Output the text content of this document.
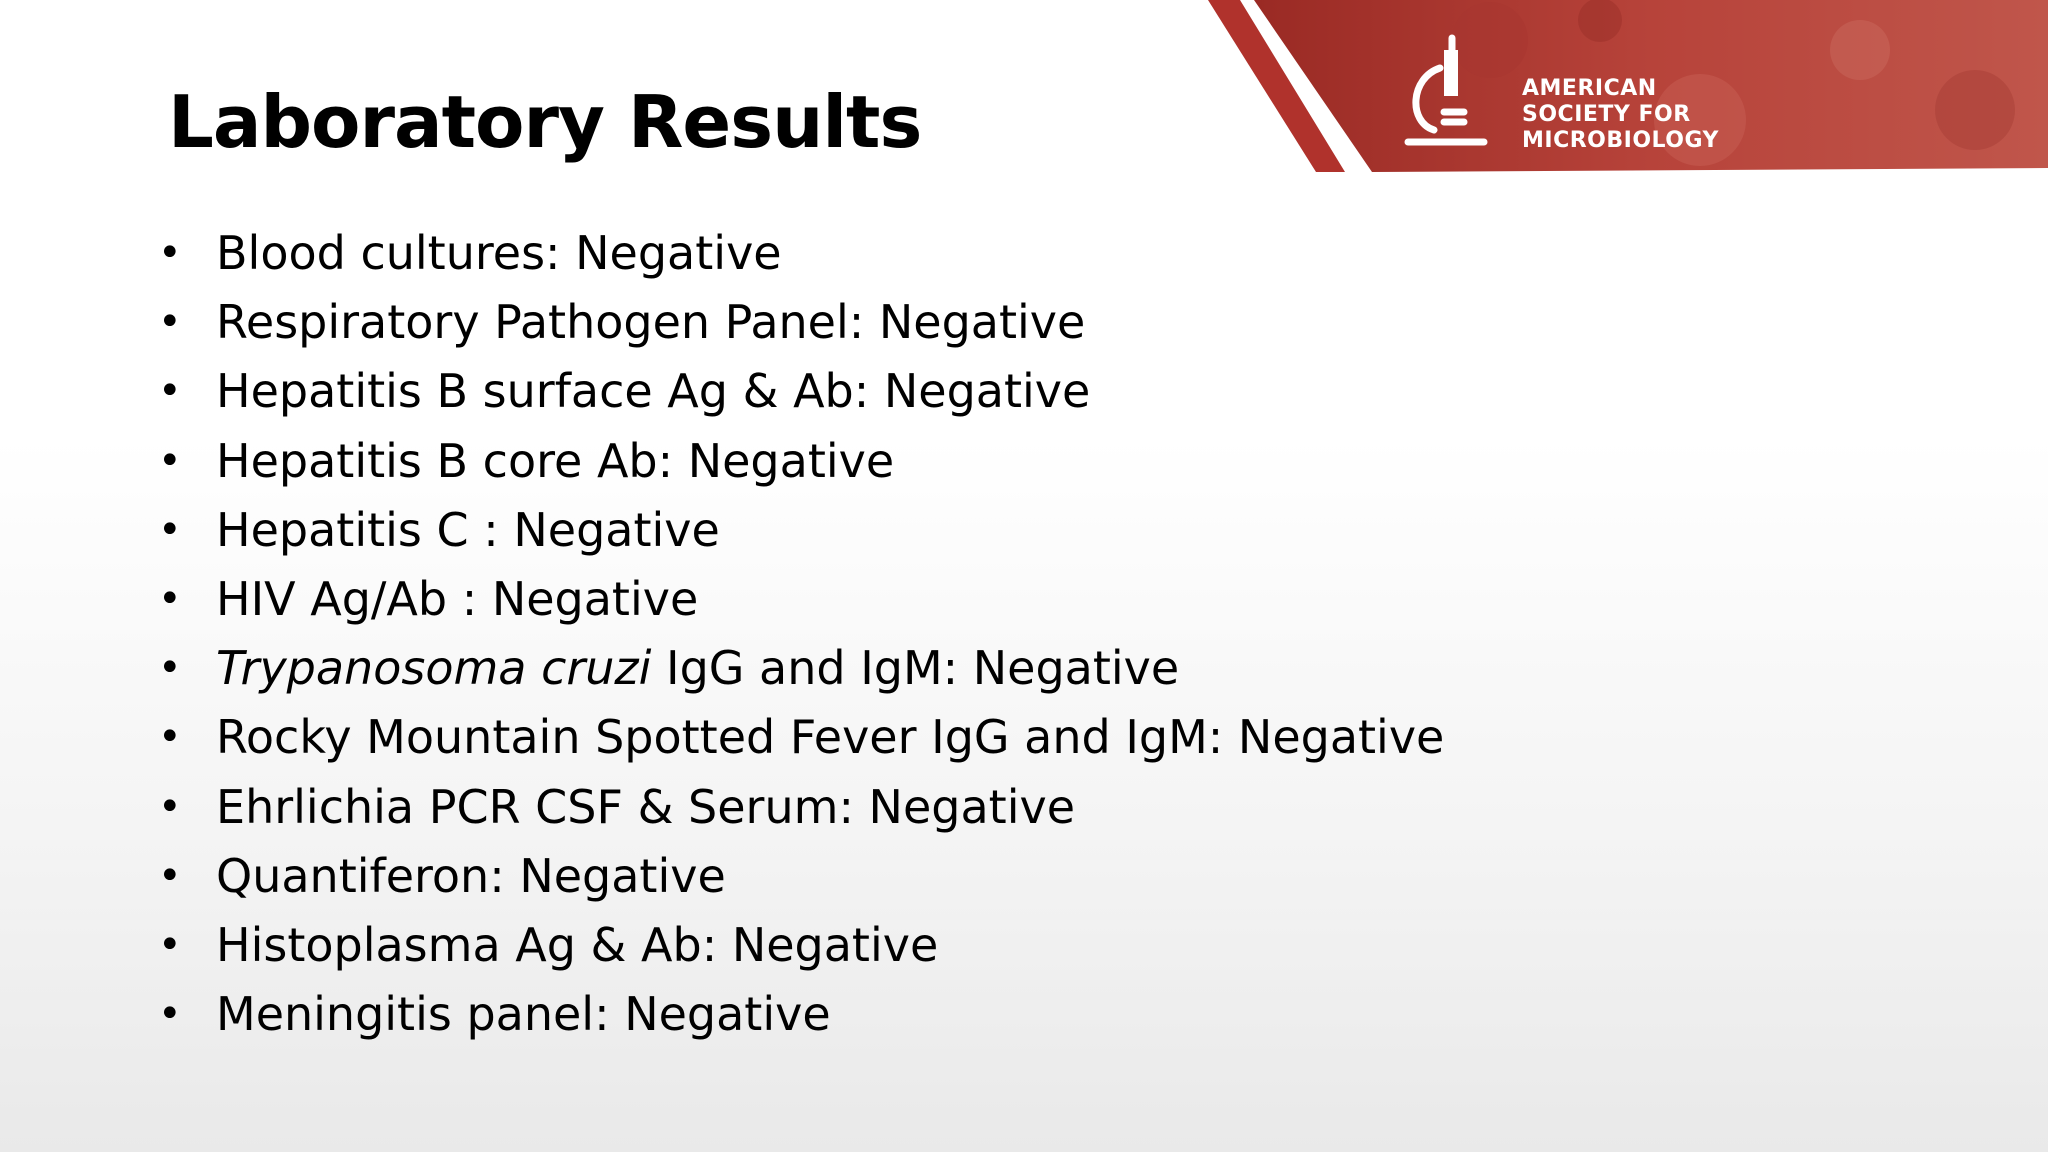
AMERICAN
SOCIETY FOR
MICROBIOLOGY
Laboratory Results
• Blood cultures: Negative
• Respiratory Pathogen Panel: Negative
• Hepatitis B surface Ag & Ab: Negative
• Hepatitis B core Ab: Negative
• Hepatitis C : Negative
• HIV Ag/Ab : Negative
• Trypanosoma cruzi IgG and IgM: Negative
• Rocky Mountain Spotted Fever IgG and IgM: Negative
• Ehrlichia PCR CSF & Serum: Negative
• Quantiferon: Negative
• Histoplasma Ag & Ab: Negative
• Meningitis panel: Negative
